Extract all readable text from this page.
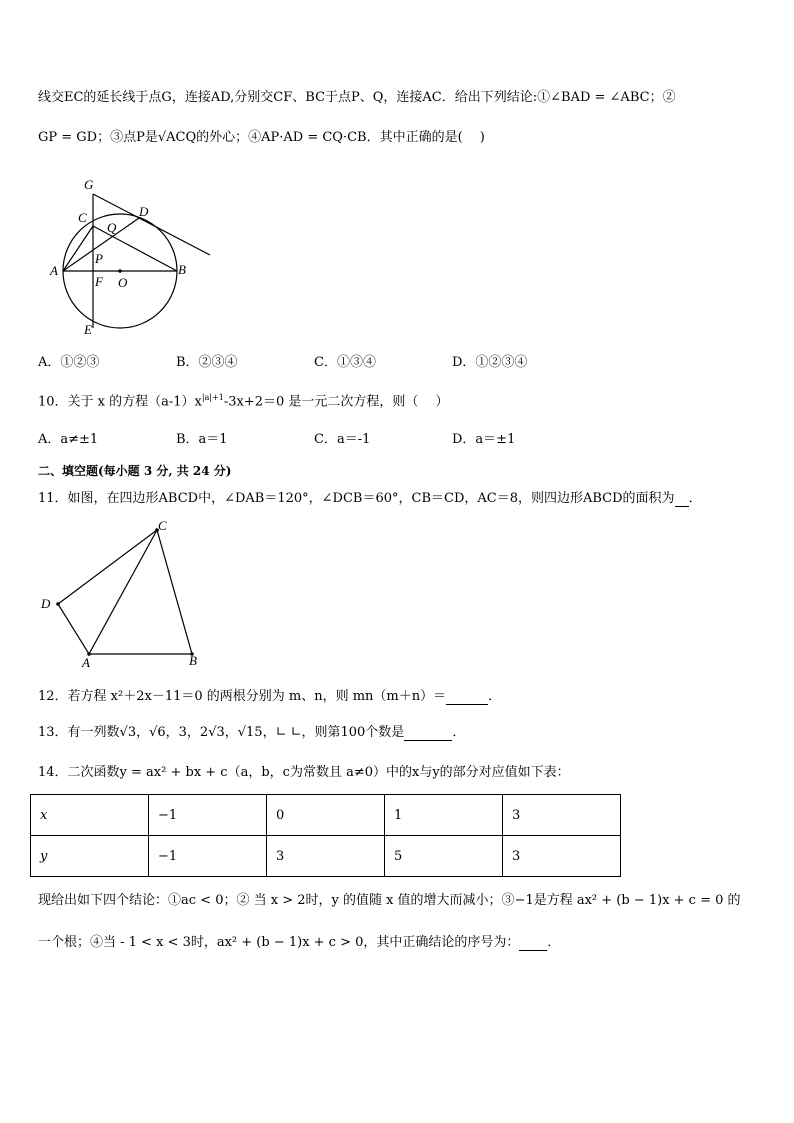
线交EC的延长线于点G，连接AD,分别交CF、BC于点P、Q，连接AC．给出下列结论:①∠BAD = ∠ABC；②
GP = GD；③点P是√ACQ的外心；④AP·AD = CQ·CB．其中正确的是(　 )
G
C	D
Q
A
P
F O
B
E
A．①②③	B．②③④	C．①③④	D．①②③④
10．关于 x 的方程$(a-1)x^{|a|+1}-3x+2=0$ 是一元二次方程，则（　 ）
A．a≠±1	B．a＝1	C．a＝-1	D．a＝±1
二、填空题(每小题 3 分, 共 24 分)
11．如图，在四边形ABCD中，∠DAB＝120°，∠DCB＝60°，CB＝CD，AC＝8，则四边形ABCD的面积为 ．
C
D
A	B
12．若方程 x²＋2x－11＝0 的两根分别为 m、n，则 mn（m＋n）＝	．
13．有一列数√3，√6，3，2√3，√15，∟ ∟，则第100个数是	．
14．二次函数y = ax² + bx + c（a，b，c为常数且 a≠0）中的x与y的部分对应值如下表：
x	−1	0	1	3
y	−1	3	5	3
现给出如下四个结论：①ac < 0；② 当 x > 2时，y 的值随 x 值的增大而减小；③−1是方程 ax² + (b − 1)x + c = 0 的
一个根；④当 - 1 < x < 3时，ax² + (b − 1)x + c > 0，其中正确结论的序号为： ．
